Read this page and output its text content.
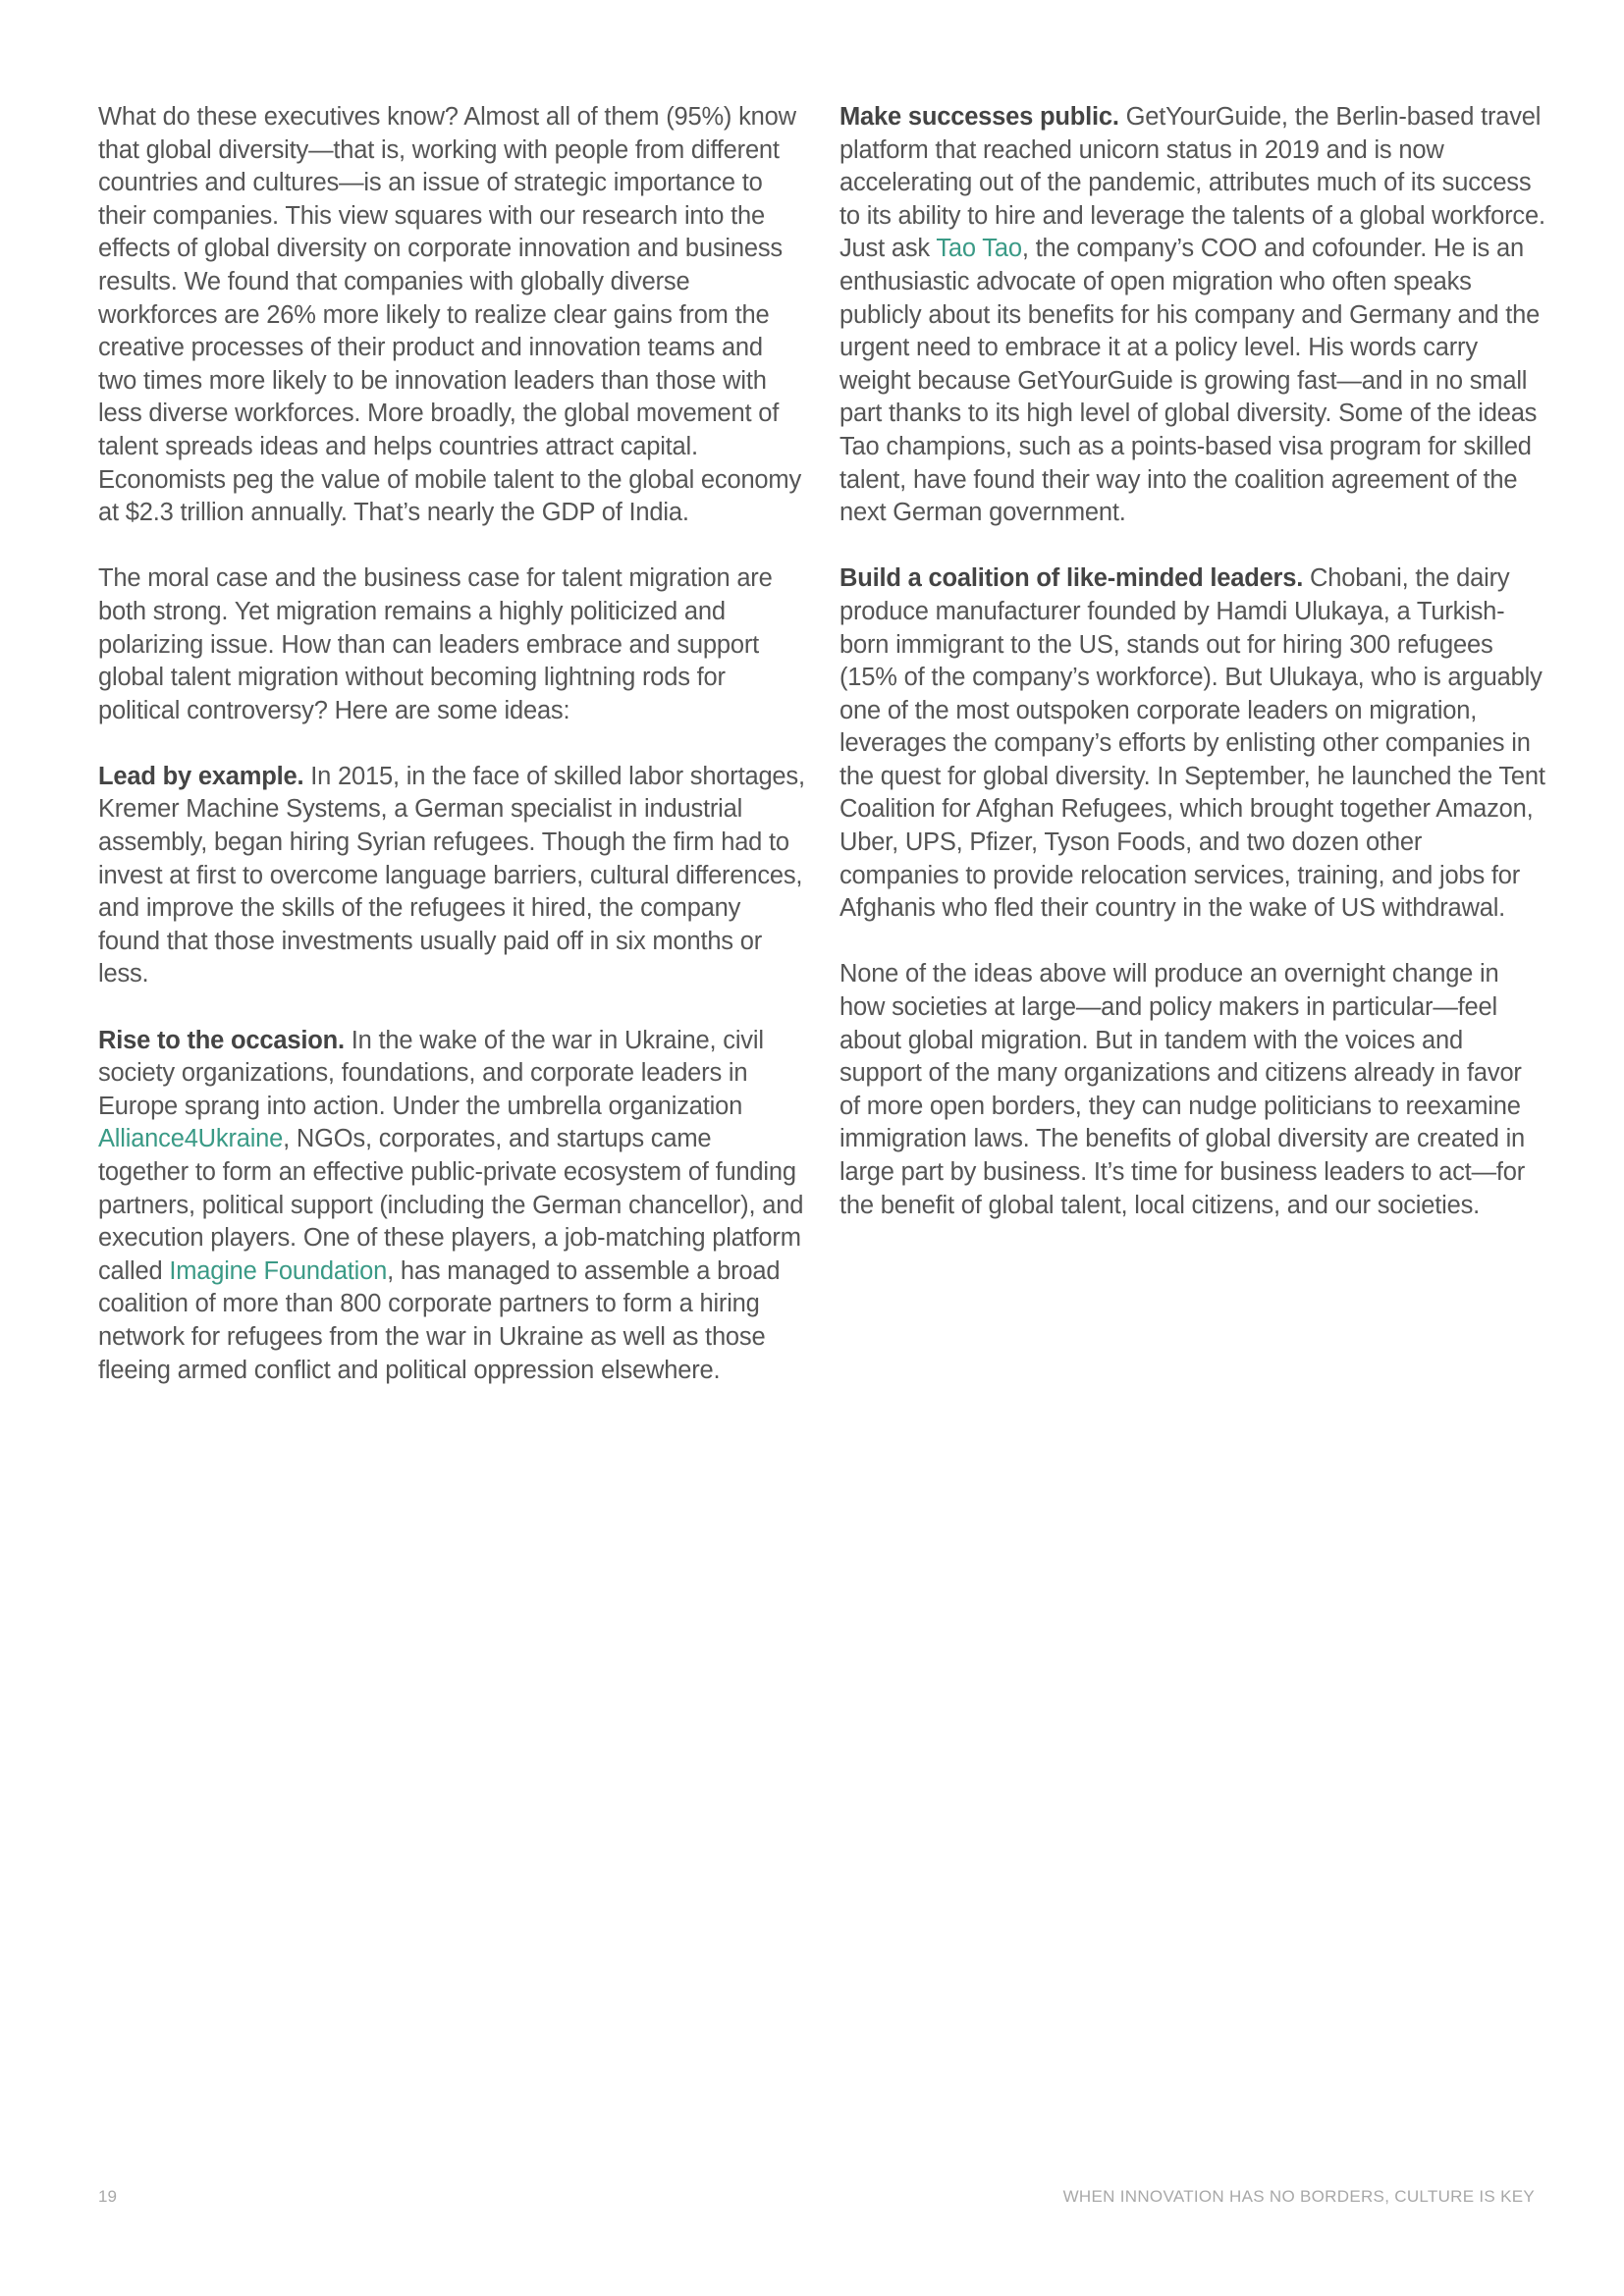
What do these executives know? Almost all of them (95%) know that global diversity—that is, working with people from different countries and cultures—is an issue of strategic importance to their companies. This view squares with our research into the effects of global diversity on corporate innovation and business results. We found that companies with globally diverse workforces are 26% more likely to realize clear gains from the creative processes of their product and innovation teams and two times more likely to be innovation leaders than those with less diverse workforces. More broadly, the global movement of talent spreads ideas and helps countries attract capital. Economists peg the value of mobile talent to the global economy at $2.3 trillion annually. That’s nearly the GDP of India.

The moral case and the business case for talent migration are both strong. Yet migration remains a highly politicized and polarizing issue. How than can leaders embrace and support global talent migration without becoming lightning rods for political controversy? Here are some ideas:

Lead by example. In 2015, in the face of skilled labor shortages, Kremer Machine Systems, a German specialist in industrial assembly, began hiring Syrian refugees. Though the firm had to invest at first to overcome language barriers, cultural differences, and improve the skills of the refugees it hired, the company found that those investments usually paid off in six months or less.

Rise to the occasion. In the wake of the war in Ukraine, civil society organizations, foundations, and corporate leaders in Europe sprang into action. Under the umbrella organization Alliance4Ukraine, NGOs, corporates, and startups came together to form an effective public-private ecosystem of funding partners, political support (including the German chancellor), and execution players. One of these players, a job-matching platform called Imagine Foundation, has managed to assemble a broad coalition of more than 800 corporate partners to form a hiring network for refugees from the war in Ukraine as well as those fleeing armed conflict and political oppression elsewhere.

Make successes public. GetYourGuide, the Berlin-based travel platform that reached unicorn status in 2019 and is now accelerating out of the pandemic, attributes much of its success to its ability to hire and leverage the talents of a global workforce. Just ask Tao Tao, the company’s COO and cofounder. He is an enthusiastic advocate of open migration who often speaks publicly about its benefits for his company and Germany and the urgent need to embrace it at a policy level. His words carry weight because GetYourGuide is growing fast—and in no small part thanks to its high level of global diversity. Some of the ideas Tao champions, such as a points-based visa program for skilled talent, have found their way into the coalition agreement of the next German government.

Build a coalition of like-minded leaders. Chobani, the dairy produce manufacturer founded by Hamdi Ulukaya, a Turkish-born immigrant to the US, stands out for hiring 300 refugees (15% of the company’s workforce). But Ulukaya, who is arguably one of the most outspoken corporate leaders on migration, leverages the company’s efforts by enlisting other companies in the quest for global diversity. In September, he launched the Tent Coalition for Afghan Refugees, which brought together Amazon, Uber, UPS, Pfizer, Tyson Foods, and two dozen other companies to provide relocation services, training, and jobs for Afghanis who fled their country in the wake of US withdrawal.

None of the ideas above will produce an overnight change in how societies at large—and policy makers in particular—feel about global migration. But in tandem with the voices and support of the many organizations and citizens already in favor of more open borders, they can nudge politicians to reexamine immigration laws. The benefits of global diversity are created in large part by business. It’s time for business leaders to act—for the benefit of global talent, local citizens, and our societies.

19	WHEN INNOVATION HAS NO BORDERS, CULTURE IS KEY
